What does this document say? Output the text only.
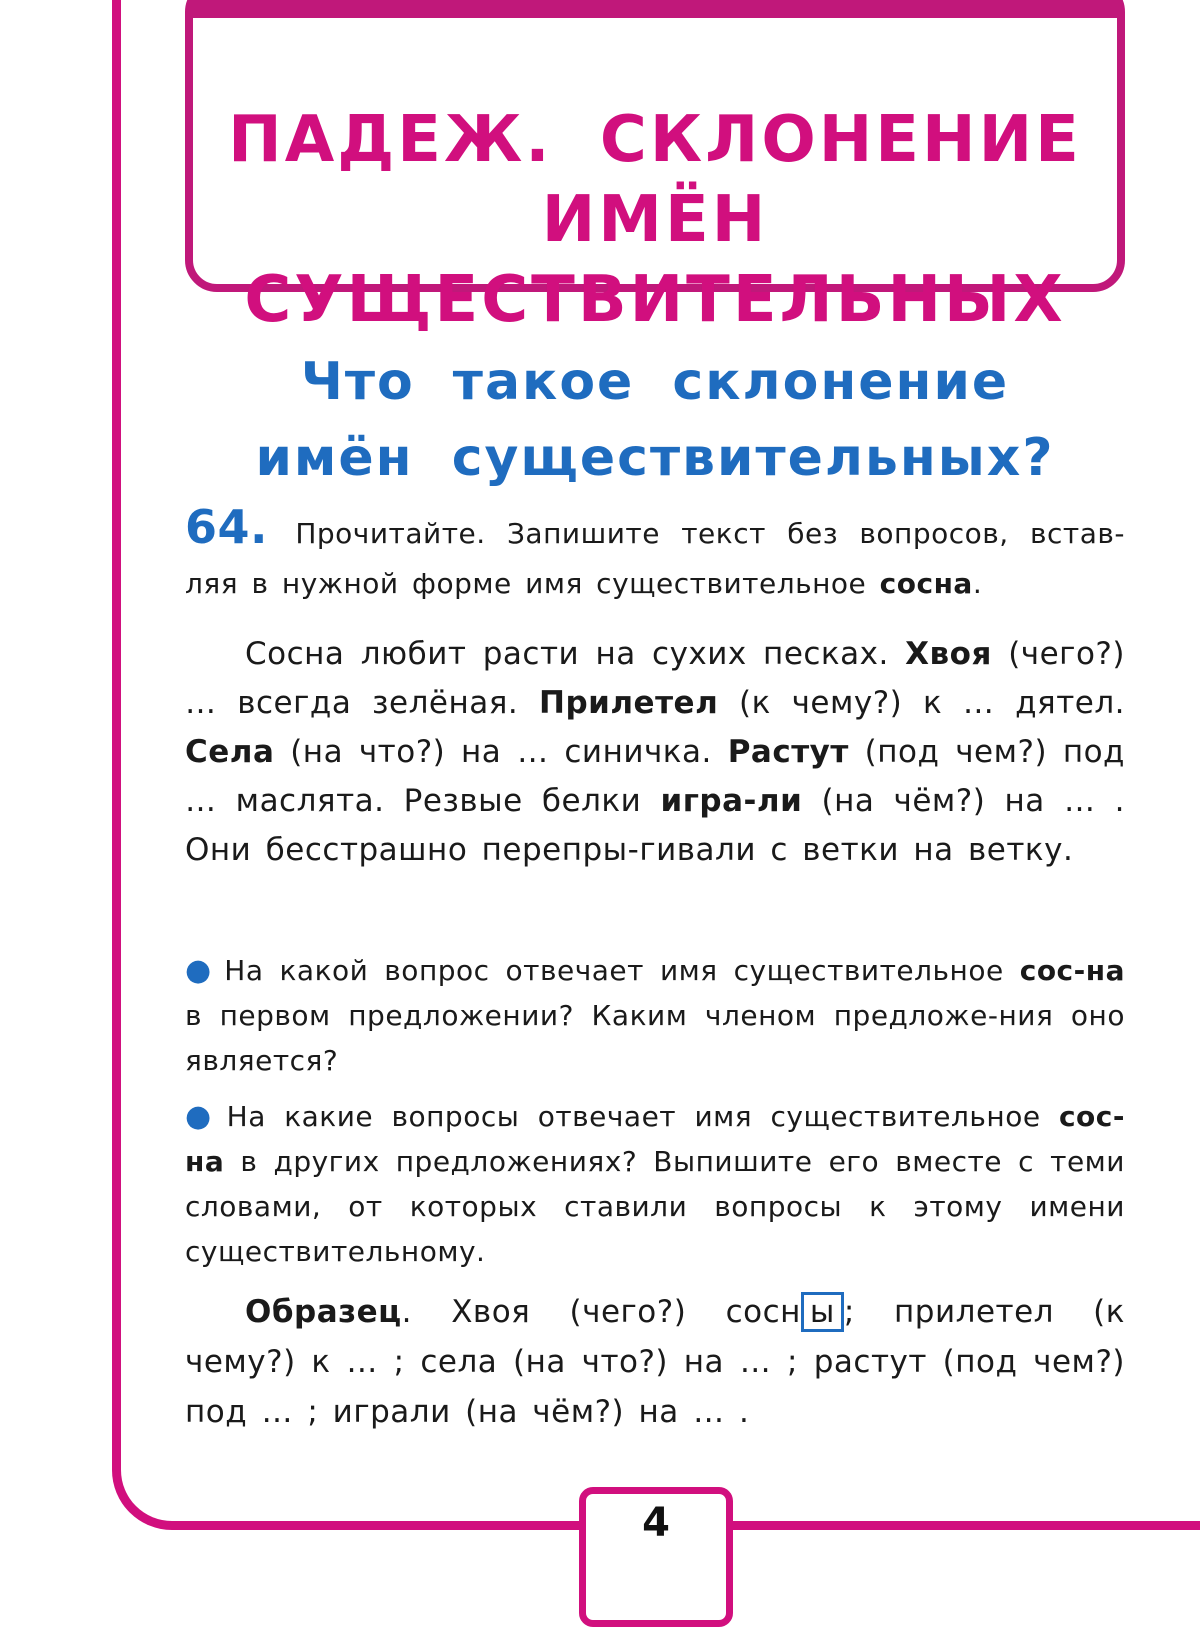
ПАДЕЖ. СКЛОНЕНИЕ
ИМЁН СУЩЕСТВИТЕЛЬНЫХ
Что такое склонение
имён существительных?

64. Прочитайте. Запишите текст без вопросов, встав-ляя в нужной форме имя существительное сосна.

Сосна любит расти на сухих песках. Хвоя (чего?) … всегда зелёная. Прилетел (к чему?) к … дятел. Села (на что?) на … синичка. Растут (под чем?) под … маслята. Резвые белки игра-ли (на чём?) на … . Они бесстрашно перепры-гивали с ветки на ветку.

● На какой вопрос отвечает имя существительное сос-на в первом предложении? Каким членом предложе-ния оно является?

● На какие вопросы отвечает имя существительное сос-на в других предложениях? Выпишите его вместе с теми словами, от которых ставили вопросы к этому имени существительному.

Образец. Хвоя (чего?) сосн ы ; прилетел (к чему?) к … ; села (на что?) на … ; растут (под чем?) под … ; играли (на чём?) на … .

4
